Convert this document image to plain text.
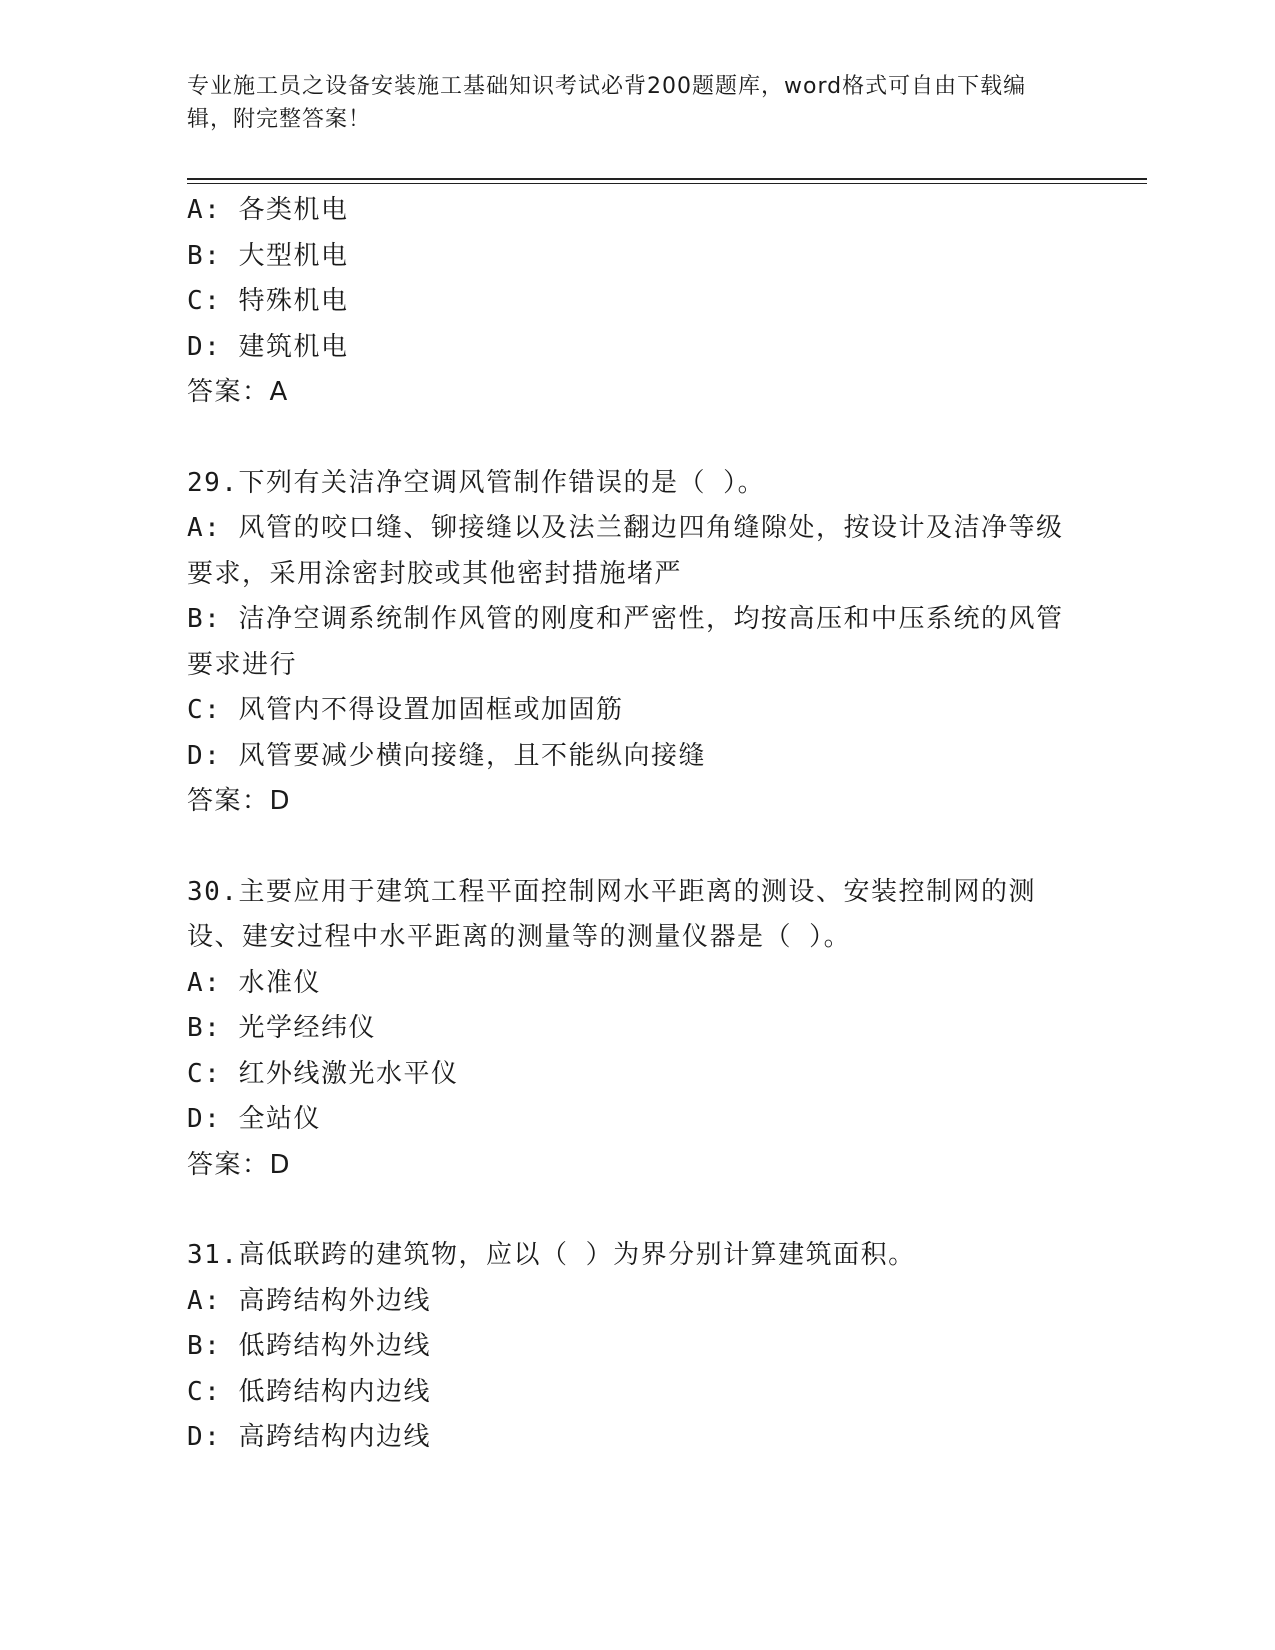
专业施工员之设备安装施工基础知识考试必背200题题库，word格式可自由下载编辑，附完整答案！
A: 各类机电
B: 大型机电
C: 特殊机电
D: 建筑机电
答案：A
29.下列有关洁净空调风管制作错误的是（ ）。
A: 风管的咬口缝、铆接缝以及法兰翻边四角缝隙处，按设计及洁净等级要求，采用涂密封胶或其他密封措施堵严
B: 洁净空调系统制作风管的刚度和严密性，均按高压和中压系统的风管要求进行
C: 风管内不得设置加固框或加固筋
D: 风管要减少横向接缝，且不能纵向接缝
答案：D
30.主要应用于建筑工程平面控制网水平距离的测设、安装控制网的测设、建安过程中水平距离的测量等的测量仪器是（ ）。
A: 水准仪
B: 光学经纬仪
C: 红外线激光水平仪
D: 全站仪
答案：D
31.高低联跨的建筑物，应以（ ）为界分别计算建筑面积。
A: 高跨结构外边线
B: 低跨结构外边线
C: 低跨结构内边线
D: 高跨结构内边线
